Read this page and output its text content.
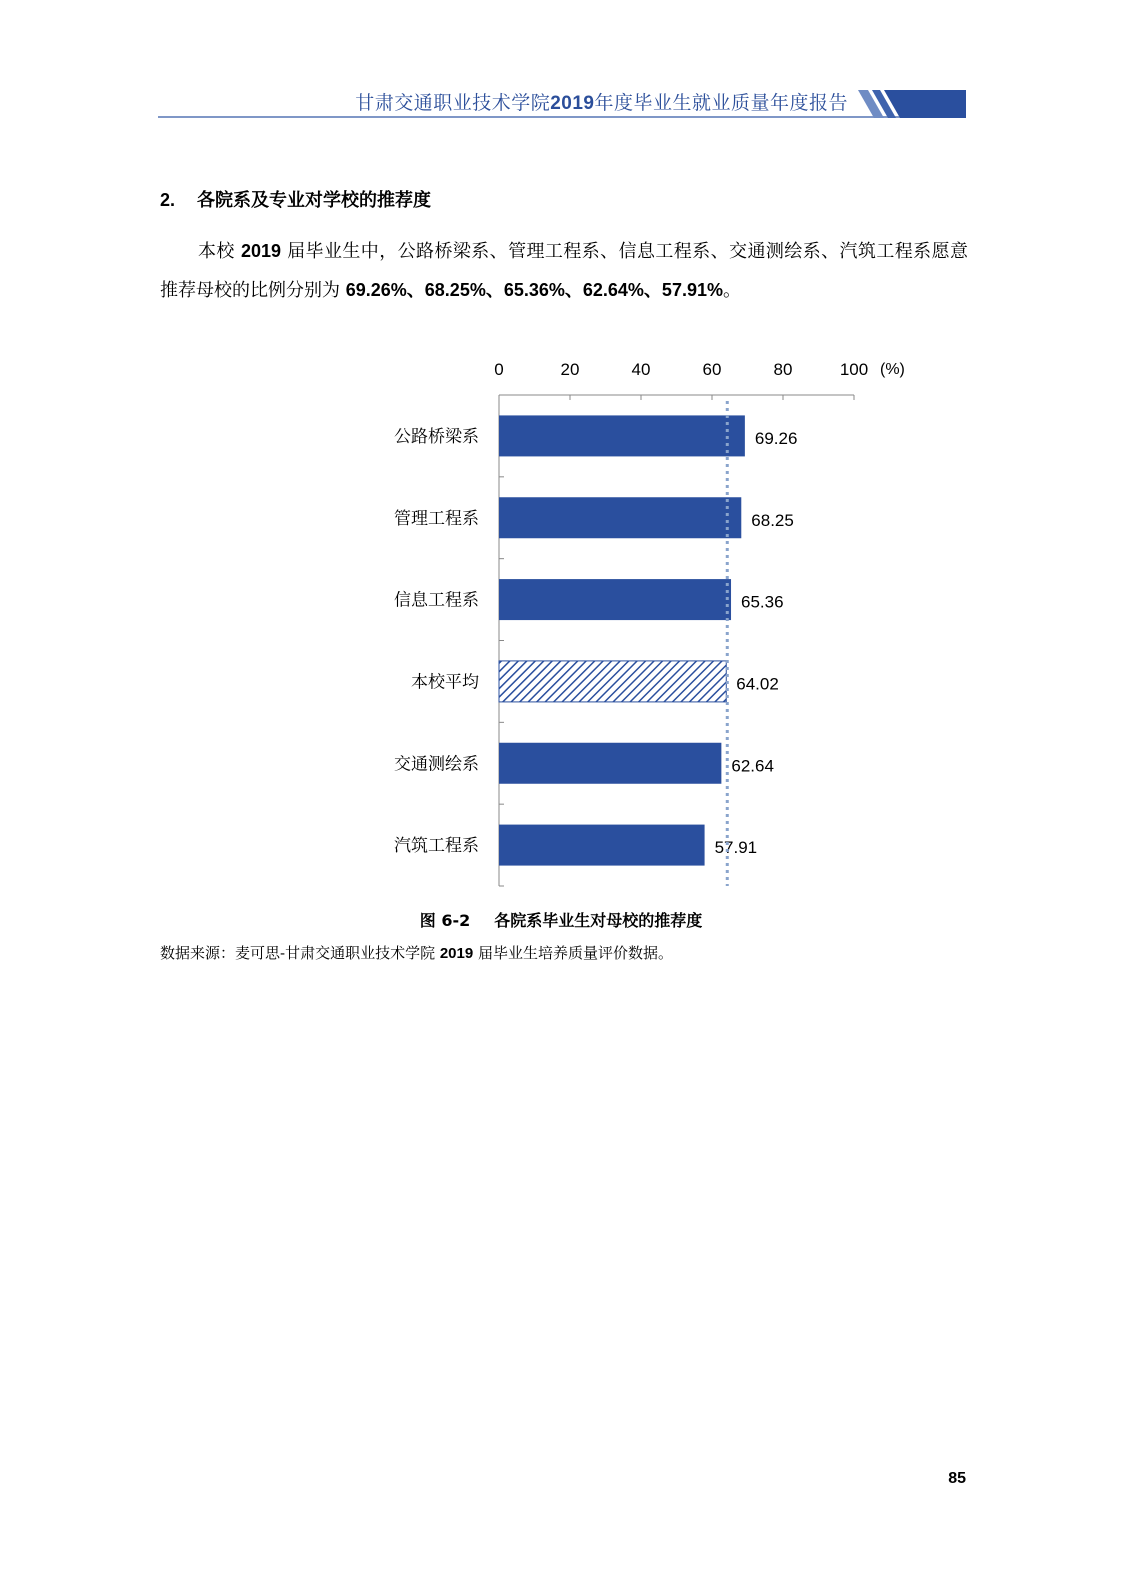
甘肃交通职业技术学院2019年度毕业生就业质量年度报告
2. 各院系及专业对学校的推荐度
本校 2019 届毕业生中，公路桥梁系、管理工程系、信息工程系、交通测绘系、汽筑工程系愿意推荐母校的比例分别为 69.26%、68.25%、65.36%、62.64%、57.91%。
0	20	40	60	80	100 (%)
公路桥梁系	69.26
管理工程系	68.25
信息工程系	65.36
本校平均	64.02
交通测绘系	62.64
汽筑工程系	57.91
图 6-2 各院系毕业生对母校的推荐度
数据来源：麦可思-甘肃交通职业技术学院 2019 届毕业生培养质量评价数据。
85
